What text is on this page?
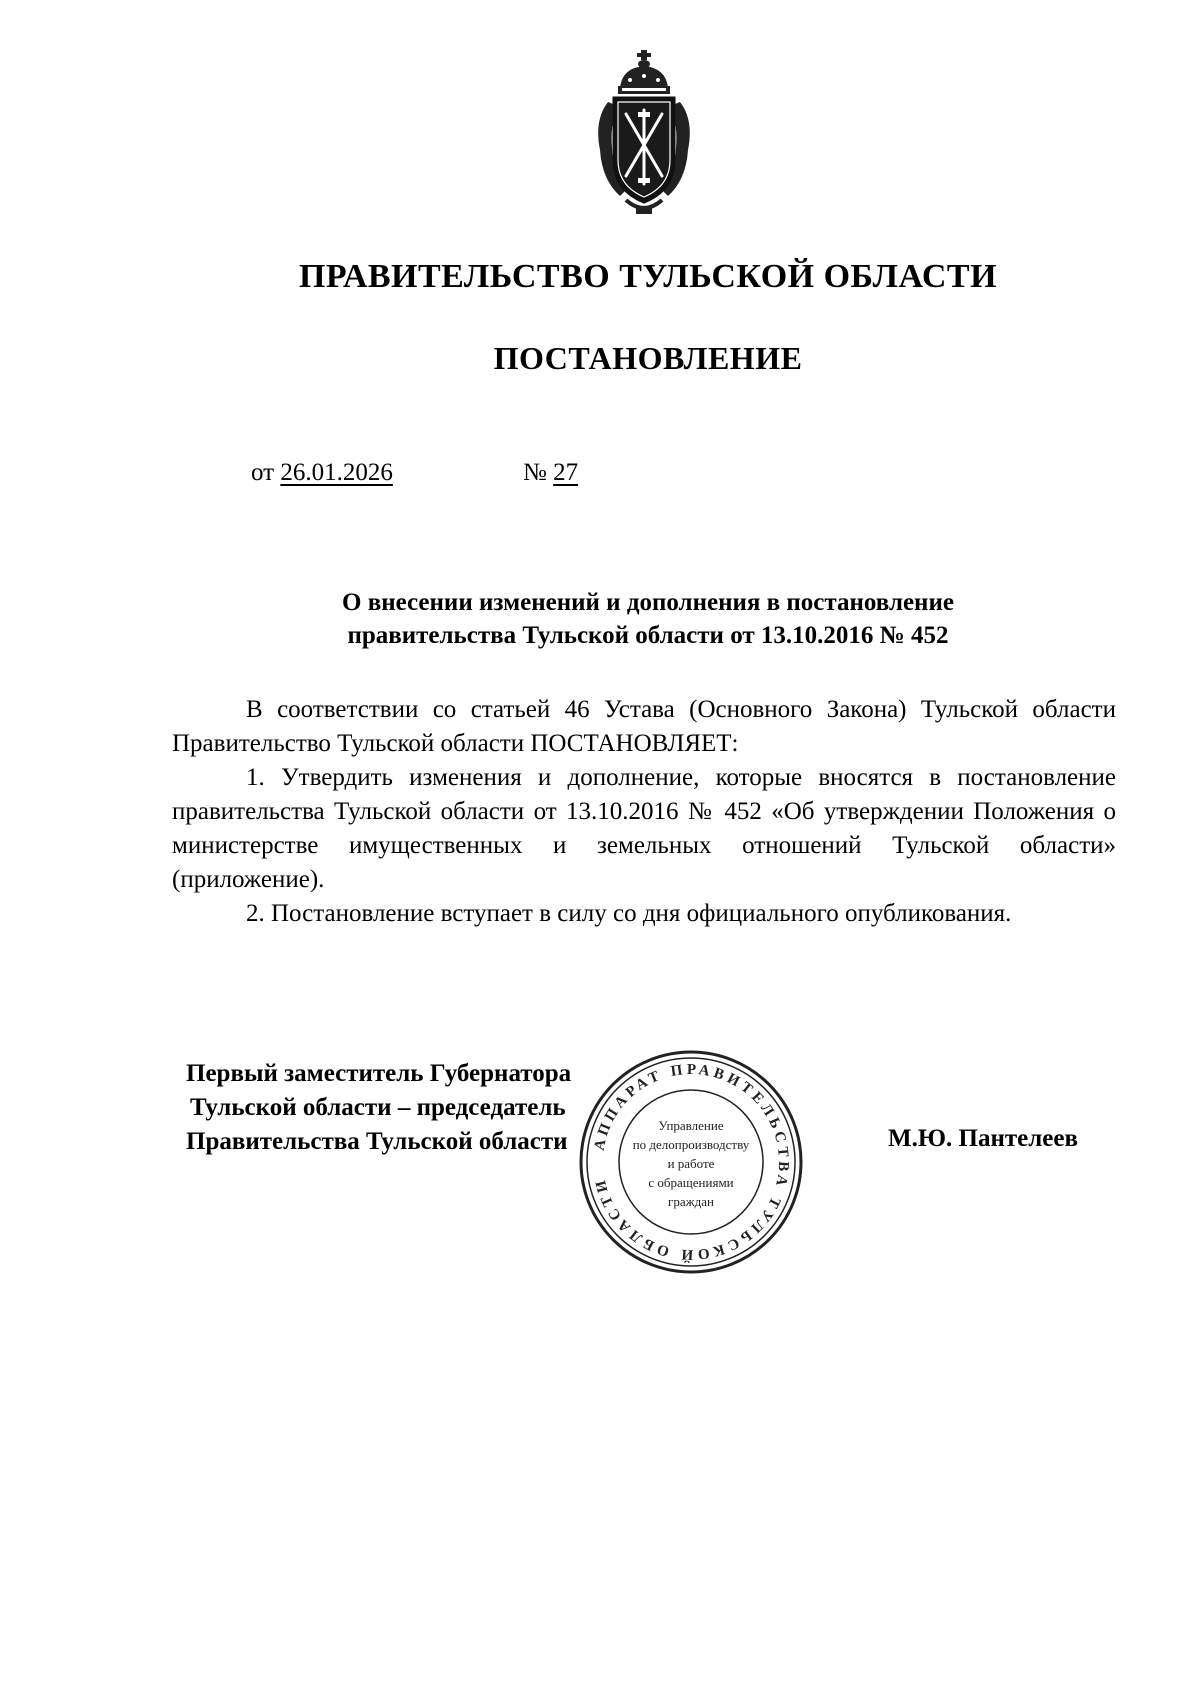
ПРАВИТЕЛЬСТВО ТУЛЬСКОЙ ОБЛАСТИ
ПОСТАНОВЛЕНИЕ
от 26.01.2026	№ 27
О внесении изменений и дополнения в постановление
правительства Тульской области от 13.10.2016 № 452

В соответствии со статьей 46 Устава (Основного Закона) Тульской области Правительство Тульской области ПОСТАНОВЛЯЕТ:

1. Утвердить изменения и дополнение, которые вносятся в постановление правительства Тульской области от 13.10.2016 № 452 «Об утверждении Положения о министерстве имущественных и земельных отношений Тульской области» (приложение).

2. Постановление вступает в силу со дня официального опубликования.

Первый заместитель Губернатора
Тульской области – председатель
Правительства Тульской области	М.Ю. Пантелеев
АППАРАТ ПРАВИТЕЛЬСТВА ТУЛЬСКОЙ ОБЛАСТИ
Управление
по делопроизводству
и работе
с обращениями
граждан
